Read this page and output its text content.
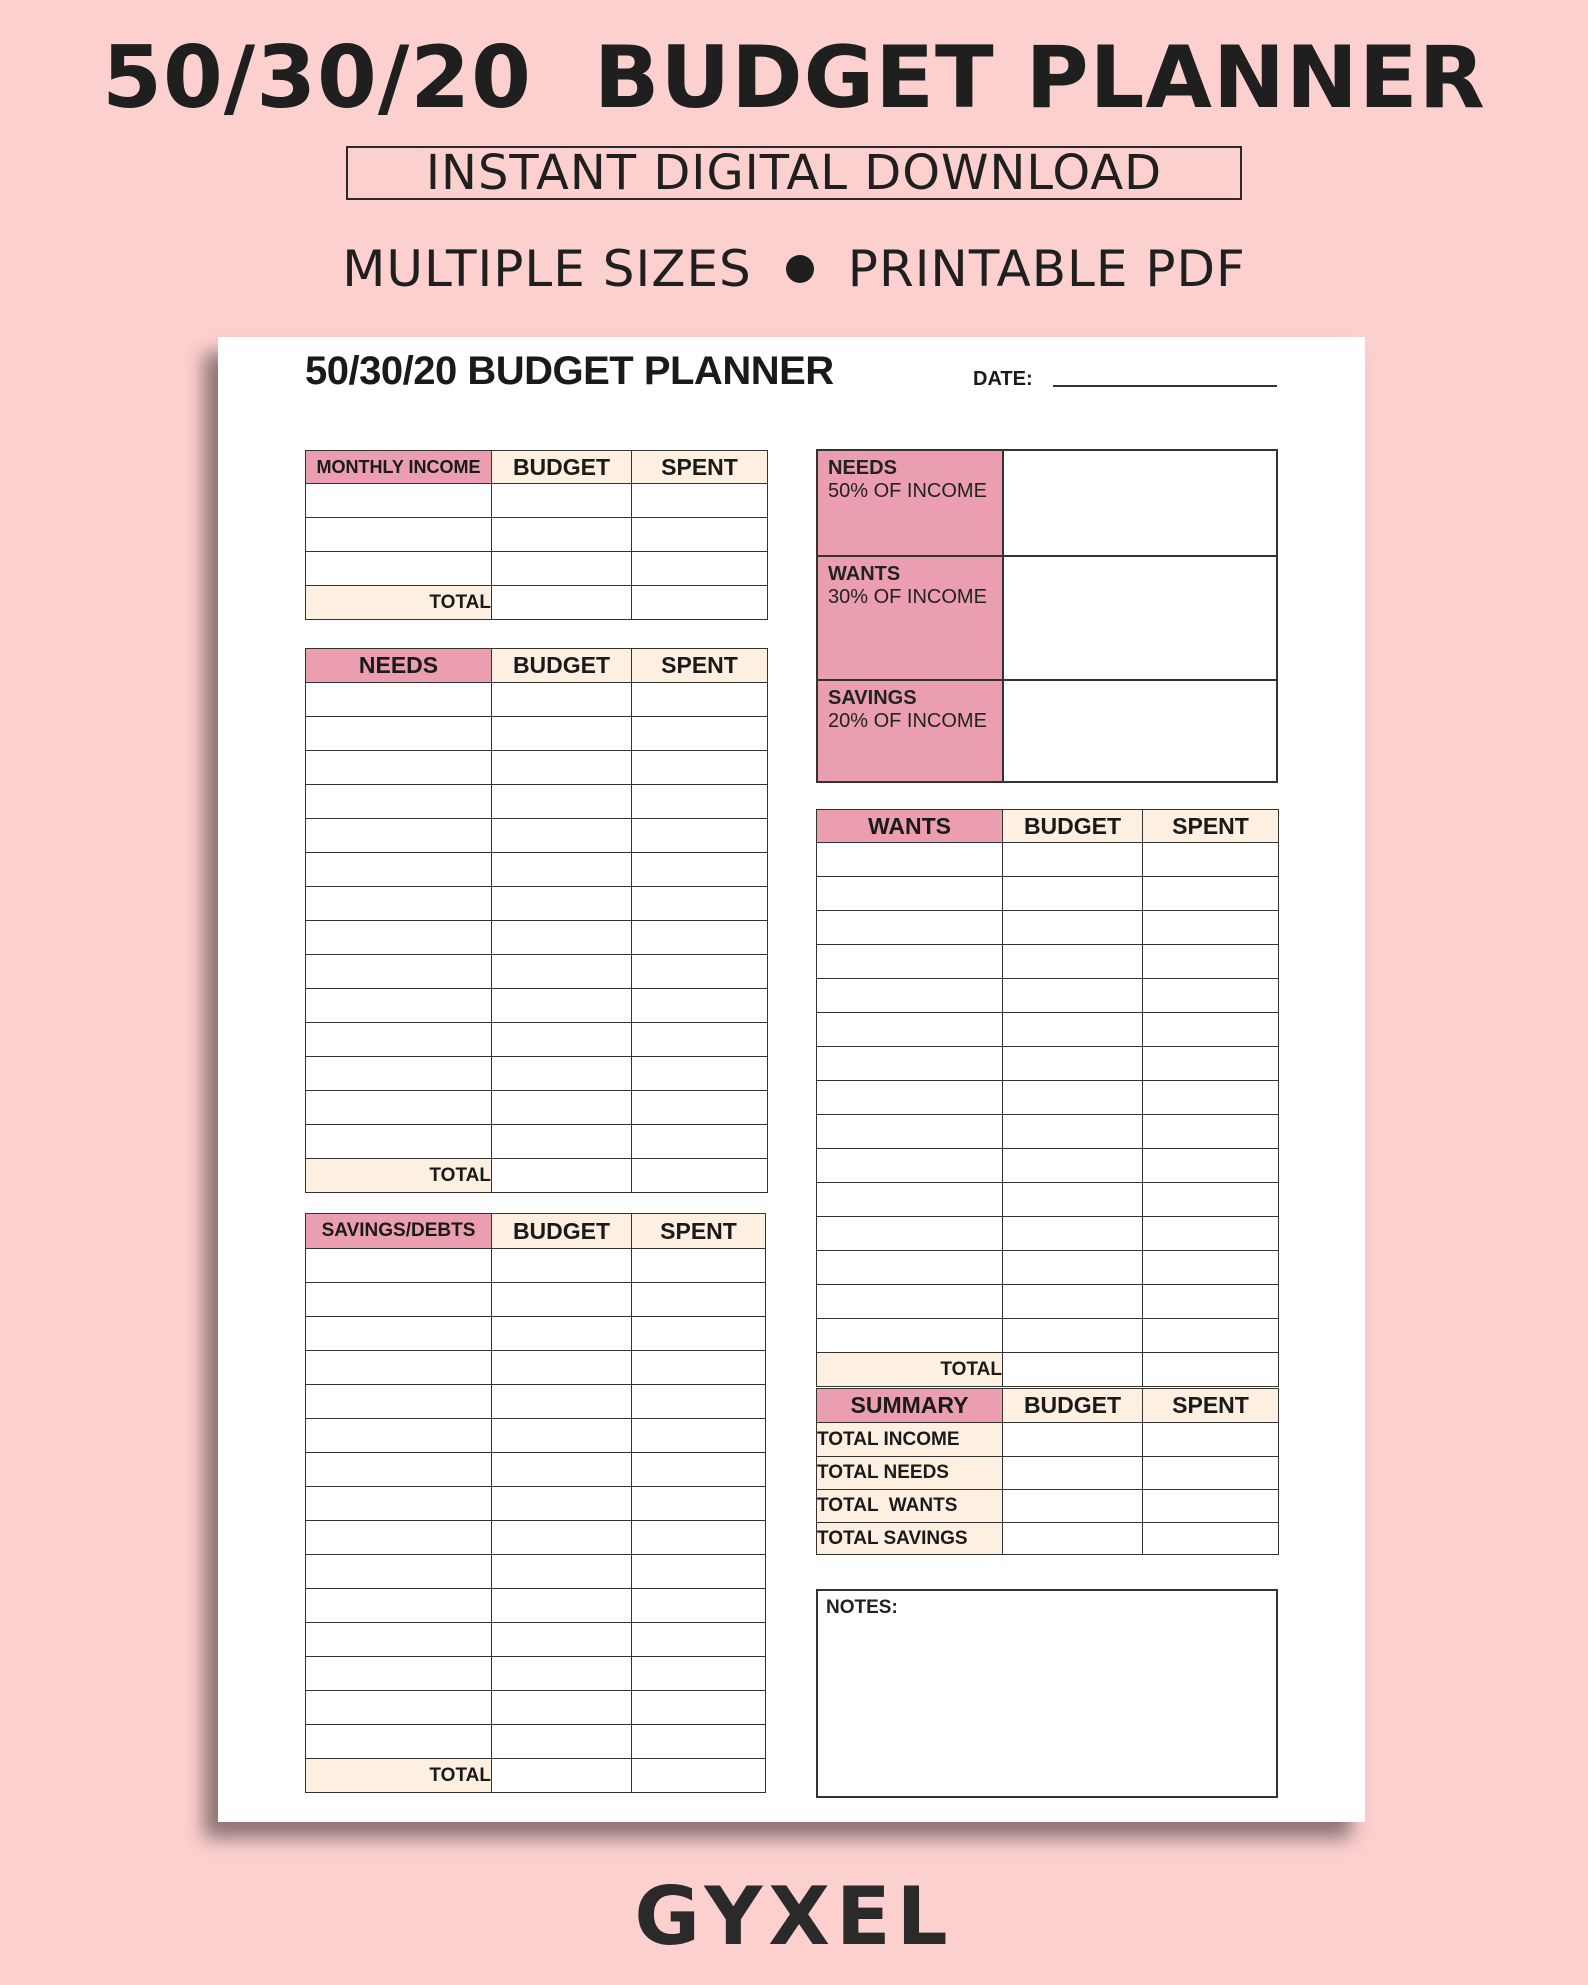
50/30/20  BUDGET PLANNER
INSTANT DIGITAL DOWNLOAD
MULTIPLE SIZES PRINTABLE PDF
50/30/20 BUDGET PLANNER	DATE:
MONTHLY INCOME	BUDGET	SPENT

TOTAL		
NEEDS	BUDGET	SPENT

TOTAL		
SAVINGS/DEBTS	BUDGET	SPENT

TOTAL		
NEEDS
50% OF INCOME
WANTS
30% OF INCOME
SAVINGS
20% OF INCOME
WANTS	BUDGET	SPENT

TOTAL		
SUMMARY	BUDGET	SPENT
TOTAL INCOME		
TOTAL NEEDS		
TOTAL  WANTS		
TOTAL SAVINGS		
NOTES:
GYXEL
